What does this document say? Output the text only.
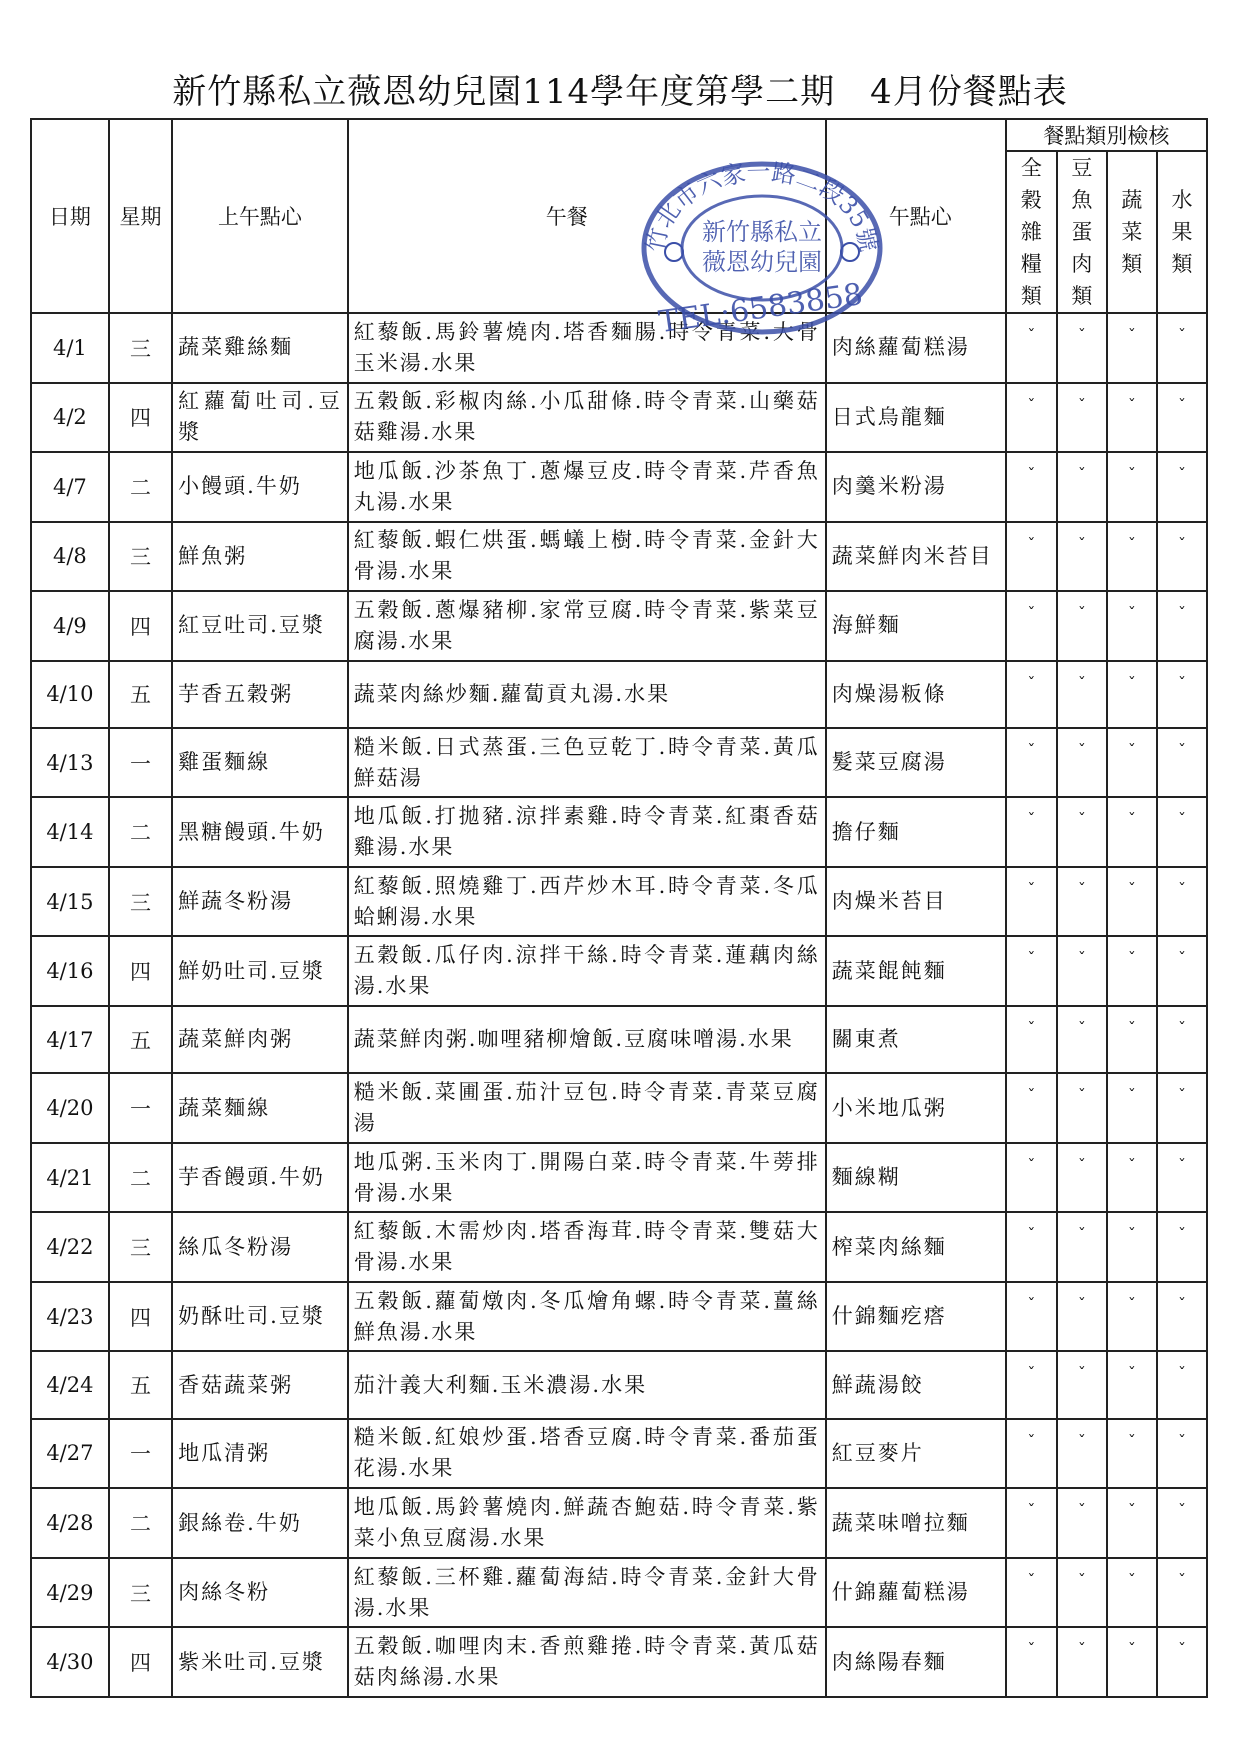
新竹縣私立薇恩幼兒園114學年度第學二期　4月份餐點表
日期	星期	上午點心	午餐	午點心	餐點類別檢核			
					全穀雜糧類	豆魚蛋肉類	蔬菜類	水果類
4/1	三	蔬菜雞絲麵	紅藜飯.馬鈴薯燒肉.塔香麵腸.時令青菜.大骨玉米湯.水果	肉絲蘿蔔糕湯	ˇ	ˇ	ˇ	ˇ
4/2	四	紅蘿蔔吐司.豆漿	五穀飯.彩椒肉絲.小瓜甜條.時令青菜.山藥菇菇雞湯.水果	日式烏龍麵	ˇ	ˇ	ˇ	ˇ
4/7	二	小饅頭.牛奶	地瓜飯.沙茶魚丁.蔥爆豆皮.時令青菜.芹香魚丸湯.水果	肉羹米粉湯	ˇ	ˇ	ˇ	ˇ
4/8	三	鮮魚粥	紅藜飯.蝦仁烘蛋.螞蟻上樹.時令青菜.金針大骨湯.水果	蔬菜鮮肉米苔目	ˇ	ˇ	ˇ	ˇ
4/9	四	紅豆吐司.豆漿	五穀飯.蔥爆豬柳.家常豆腐.時令青菜.紫菜豆腐湯.水果	海鮮麵	ˇ	ˇ	ˇ	ˇ
4/10	五	芋香五穀粥	蔬菜肉絲炒麵.蘿蔔貢丸湯.水果	肉燥湯粄條	ˇ	ˇ	ˇ	ˇ
4/13	一	雞蛋麵線	糙米飯.日式蒸蛋.三色豆乾丁.時令青菜.黃瓜鮮菇湯	髮菜豆腐湯	ˇ	ˇ	ˇ	ˇ
4/14	二	黑糖饅頭.牛奶	地瓜飯.打拋豬.涼拌素雞.時令青菜.紅棗香菇雞湯.水果	擔仔麵	ˇ	ˇ	ˇ	ˇ
4/15	三	鮮蔬冬粉湯	紅藜飯.照燒雞丁.西芹炒木耳.時令青菜.冬瓜蛤蜊湯.水果	肉燥米苔目	ˇ	ˇ	ˇ	ˇ
4/16	四	鮮奶吐司.豆漿	五穀飯.瓜仔肉.涼拌干絲.時令青菜.蓮藕肉絲湯.水果	蔬菜餛飩麵	ˇ	ˇ	ˇ	ˇ
4/17	五	蔬菜鮮肉粥	蔬菜鮮肉粥.咖哩豬柳燴飯.豆腐味噌湯.水果	關東煮	ˇ	ˇ	ˇ	ˇ
4/20	一	蔬菜麵線	糙米飯.菜圃蛋.茄汁豆包.時令青菜.青菜豆腐湯	小米地瓜粥	ˇ	ˇ	ˇ	ˇ
4/21	二	芋香饅頭.牛奶	地瓜粥.玉米肉丁.開陽白菜.時令青菜.牛蒡排骨湯.水果	麵線糊	ˇ	ˇ	ˇ	ˇ
4/22	三	絲瓜冬粉湯	紅藜飯.木需炒肉.塔香海茸.時令青菜.雙菇大骨湯.水果	榨菜肉絲麵	ˇ	ˇ	ˇ	ˇ
4/23	四	奶酥吐司.豆漿	五穀飯.蘿蔔燉肉.冬瓜燴角螺.時令青菜.薑絲鮮魚湯.水果	什錦麵疙瘩	ˇ	ˇ	ˇ	ˇ
4/24	五	香菇蔬菜粥	茄汁義大利麵.玉米濃湯.水果	鮮蔬湯餃	ˇ	ˇ	ˇ	ˇ
4/27	一	地瓜清粥	糙米飯.紅娘炒蛋.塔香豆腐.時令青菜.番茄蛋花湯.水果	紅豆麥片	ˇ	ˇ	ˇ	ˇ
4/28	二	銀絲卷.牛奶	地瓜飯.馬鈴薯燒肉.鮮蔬杏鮑菇.時令青菜.紫菜小魚豆腐湯.水果	蔬菜味噌拉麵	ˇ	ˇ	ˇ	ˇ
4/29	三	肉絲冬粉	紅藜飯.三杯雞.蘿蔔海結.時令青菜.金針大骨湯.水果	什錦蘿蔔糕湯	ˇ	ˇ	ˇ	ˇ
4/30	四	紫米吐司.豆漿	五穀飯.咖哩肉末.香煎雞捲.時令青菜.黃瓜菇菇肉絲湯.水果	肉絲陽春麵	ˇ	ˇ	ˇ	ˇ
竹北市六家一路二段35號
新竹縣私立
薇恩幼兒園
TEL:6583858
